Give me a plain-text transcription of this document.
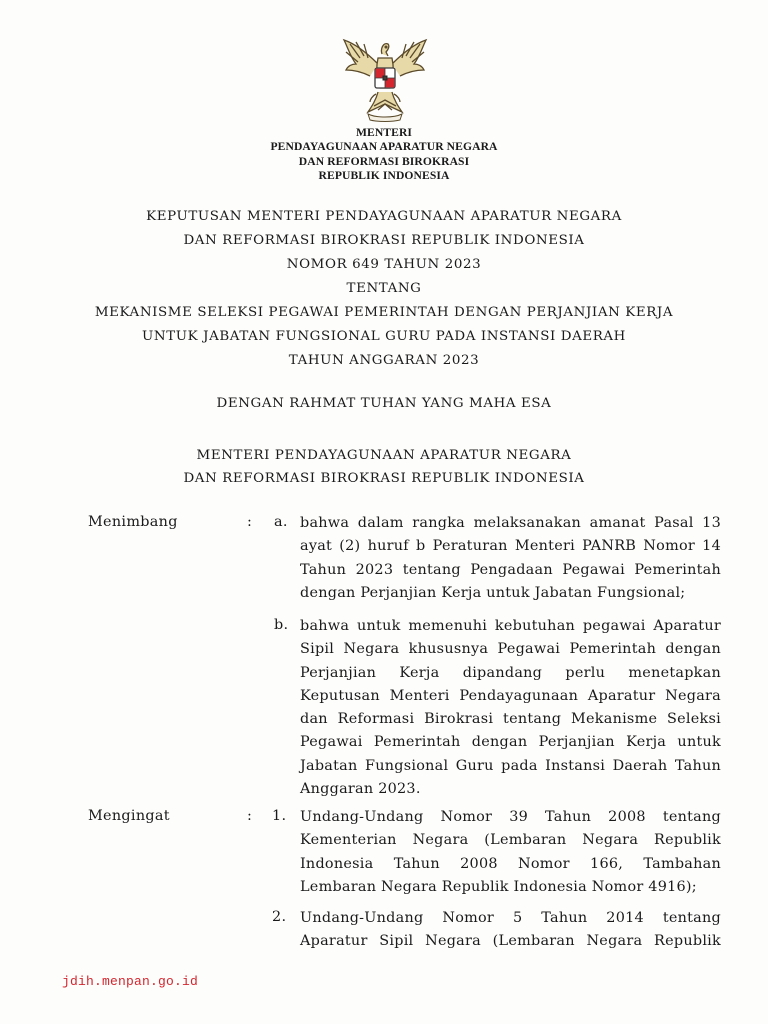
MENTERI
PENDAYAGUNAAN APARATUR NEGARA
DAN REFORMASI BIROKRASI
REPUBLIK INDONESIA
KEPUTUSAN MENTERI PENDAYAGUNAAN APARATUR NEGARA
DAN REFORMASI BIROKRASI REPUBLIK INDONESIA
NOMOR 649 TAHUN 2023
TENTANG
MEKANISME SELEKSI PEGAWAI PEMERINTAH DENGAN PERJANJIAN KERJA
UNTUK JABATAN FUNGSIONAL GURU PADA INSTANSI DAERAH
TAHUN ANGGARAN 2023
DENGAN RAHMAT TUHAN YANG MAHA ESA
MENTERI PENDAYAGUNAAN APARATUR NEGARA
DAN REFORMASI BIROKRASI REPUBLIK INDONESIA
Menimbang	: a. bahwa dalam rangka melaksanakan amanat Pasal 13
ayat (2) huruf b Peraturan Menteri PANRB Nomor 14
Tahun 2023 tentang Pengadaan Pegawai Pemerintah
dengan Perjanjian Kerja untuk Jabatan Fungsional;
b. bahwa untuk memenuhi kebutuhan pegawai Aparatur
Sipil Negara khususnya Pegawai Pemerintah dengan
Perjanjian Kerja dipandang perlu menetapkan
Keputusan Menteri Pendayagunaan Aparatur Negara
dan Reformasi Birokrasi tentang Mekanisme Seleksi
Pegawai Pemerintah dengan Perjanjian Kerja untuk
Jabatan Fungsional Guru pada Instansi Daerah Tahun
Anggaran 2023.
Mengingat	: 1. Undang-Undang Nomor 39 Tahun 2008 tentang
Kementerian Negara (Lembaran Negara Republik
Indonesia Tahun 2008 Nomor 166, Tambahan
Lembaran Negara Republik Indonesia Nomor 4916);
2. Undang-Undang Nomor 5 Tahun 2014 tentang
Aparatur Sipil Negara (Lembaran Negara Republik
jdih.menpan.go.id
